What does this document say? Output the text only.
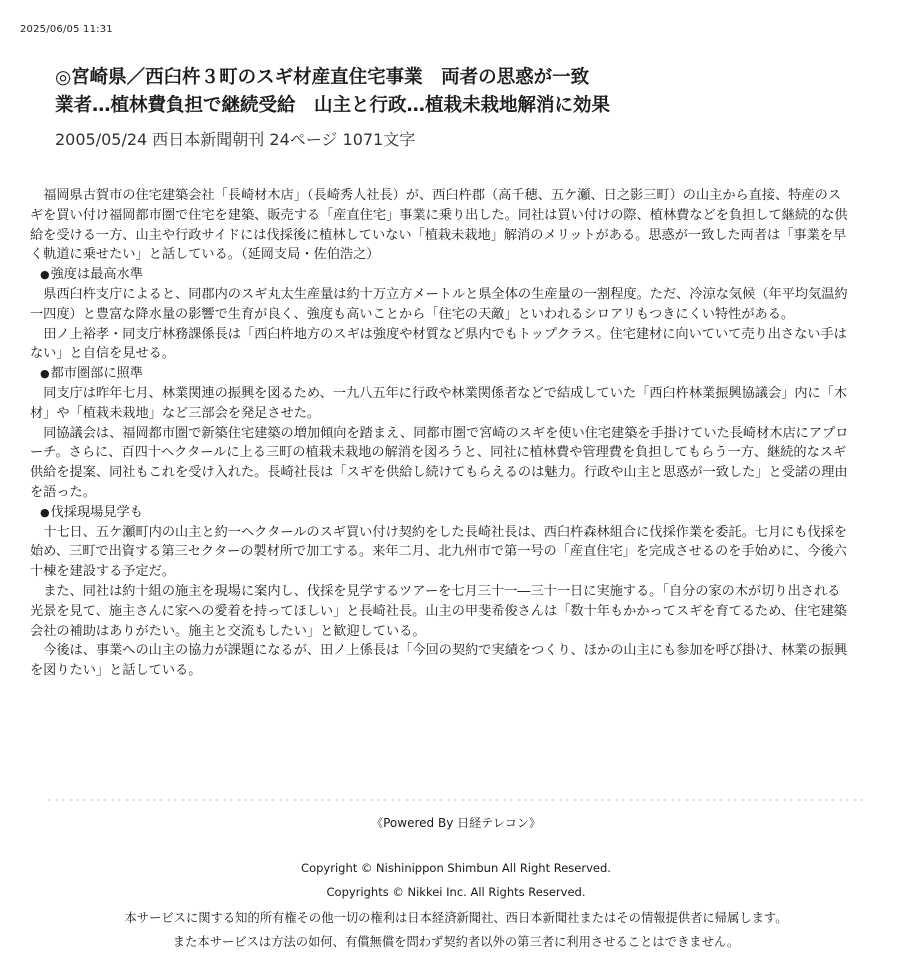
2025/06/05 11:31
◎宮崎県／西臼杵３町のスギ材産直住宅事業　両者の思惑が一致
業者…植林費負担で継続受給　山主と行政…植栽未栽地解消に効果
2005/05/24 西日本新聞朝刊 24ページ 1071文字

福岡県古賀市の住宅建築会社「長崎材木店」（長崎秀人社長）が、西臼杵郡（高千穂、五ケ瀬、日之影三町）の山主から直接、特産のスギを買い付け福岡都市圏で住宅を建築、販売する「産直住宅」事業に乗り出した。同社は買い付けの際、植林費などを負担して継続的な供給を受ける一方、山主や行政サイドには伐採後に植林していない「植栽未栽地」解消のメリットがある。思惑が一致した両者は「事業を早く軌道に乗せたい」と話している。（延岡支局・佐伯浩之）

●強度は最高水準

県西臼杵支庁によると、同郡内のスギ丸太生産量は約十万立方メートルと県全体の生産量の一割程度。ただ、冷涼な気候（年平均気温約一四度）と豊富な降水量の影響で生育が良く、強度も高いことから「住宅の天敵」といわれるシロアリもつきにくい特性がある。

田ノ上裕孝・同支庁林務課係長は「西臼杵地方のスギは強度や材質など県内でもトップクラス。住宅建材に向いていて売り出さない手はない」と自信を見せる。

●都市圏部に照準

同支庁は昨年七月、林業関連の振興を図るため、一九八五年に行政や林業関係者などで結成していた「西臼杵林業振興協議会」内に「木材」や「植栽未栽地」など三部会を発足させた。

同協議会は、福岡都市圏で新築住宅建築の増加傾向を踏まえ、同都市圏で宮崎のスギを使い住宅建築を手掛けていた長崎材木店にアプローチ。さらに、百四十ヘクタールに上る三町の植栽未栽地の解消を図ろうと、同社に植林費や管理費を負担してもらう一方、継続的なスギ供給を提案、同社もこれを受け入れた。長崎社長は「スギを供給し続けてもらえるのは魅力。行政や山主と思惑が一致した」と受諾の理由を語った。

●伐採現場見学も

十七日、五ケ瀬町内の山主と約一ヘクタールのスギ買い付け契約をした長崎社長は、西臼杵森林組合に伐採作業を委託。七月にも伐採を始め、三町で出資する第三セクターの製材所で加工する。来年二月、北九州市で第一号の「産直住宅」を完成させるのを手始めに、今後六十棟を建設する予定だ。

また、同社は約十組の施主を現場に案内し、伐採を見学するツアーを七月三十一―三十一日に実施する。「自分の家の木が切り出される光景を見て、施主さんに家への愛着を持ってほしい」と長崎社長。山主の甲斐希俊さんは「数十年もかかってスギを育てるため、住宅建築会社の補助はありがたい。施主と交流もしたい」と歓迎している。

今後は、事業への山主の協力が課題になるが、田ノ上係長は「今回の契約で実績をつくり、ほかの山主にも参加を呼び掛け、林業の振興を図りたい」と話している。

《Powered By 日経テレコン》
Copyright © Nishinippon Shimbun All Right Reserved.
Copyrights © Nikkei Inc. All Rights Reserved.
本サービスに関する知的所有権その他一切の権利は日本経済新聞社、西日本新聞社またはその情報提供者に帰属します。
また本サービスは方法の如何、有償無償を問わず契約者以外の第三者に利用させることはできません。
